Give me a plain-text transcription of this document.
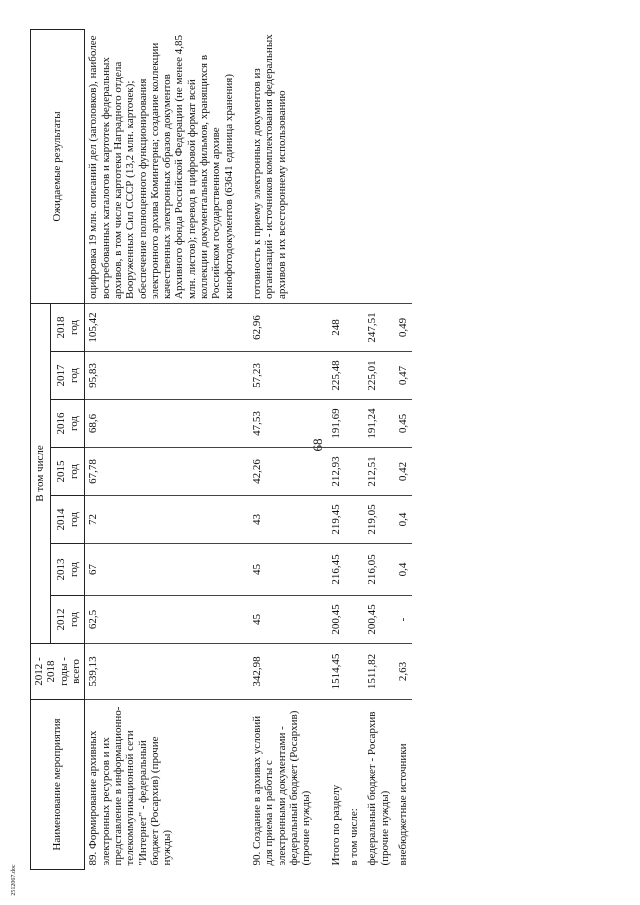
68
2512067.doc
Наименование мероприятия	2012 - 2018 годы - всего	В том числе							Ожидаемые результаты

		2012 год	2013 год	2014 год	2015 год	2016 год	2017 год	2018 год	

89. Формирование архивных электронных ресурсов и их представление в информационно-телекоммуникационной сети "Интернет" - федеральный бюджет (Росархив) (прочие нужды)	539,13	62,5	67	72	67,78	68,6	95,83	105,42	оцифровка 19 млн. описаний дел (заголовков), наиболее востребованных каталогов и картотек федеральных архивов, в том числе картотеки Наградного отдела Вооруженных Сил СССР (13,2 млн. карточек); обеспечение полноценного функционирования электронного архива Коминтерна; создание коллекции качественных электронных образов документов Архивного фонда Российской Федерации (не менее 4,85 млн. листов); перевод в цифровой формат всей коллекции документальных фильмов, хранящихся в Российском государственном архиве кинофотодокументов (63641 единица хранения)
90. Создание в архивах условий для приема и работы с электронными документами - федеральный бюджет (Росархив) (прочие нужды)	342,98	45	45	43	42,26	47,53	57,23	62,96	готовность к приему электронных документов из организаций - источников комплектования федеральных архивов и их всестороннему использованию
Итого по разделу	1514,45	200,45	216,45	219,45	212,93	191,69	225,48	248	
в том числе:									
федеральный бюджет - Росархив (прочие нужды)	1511,82	200,45	216,05	219,05	212,51	191,24	225,01	247,51	
внебюджетные источники	2,63	-	0,4	0,4	0,42	0,45	0,47	0,49	
